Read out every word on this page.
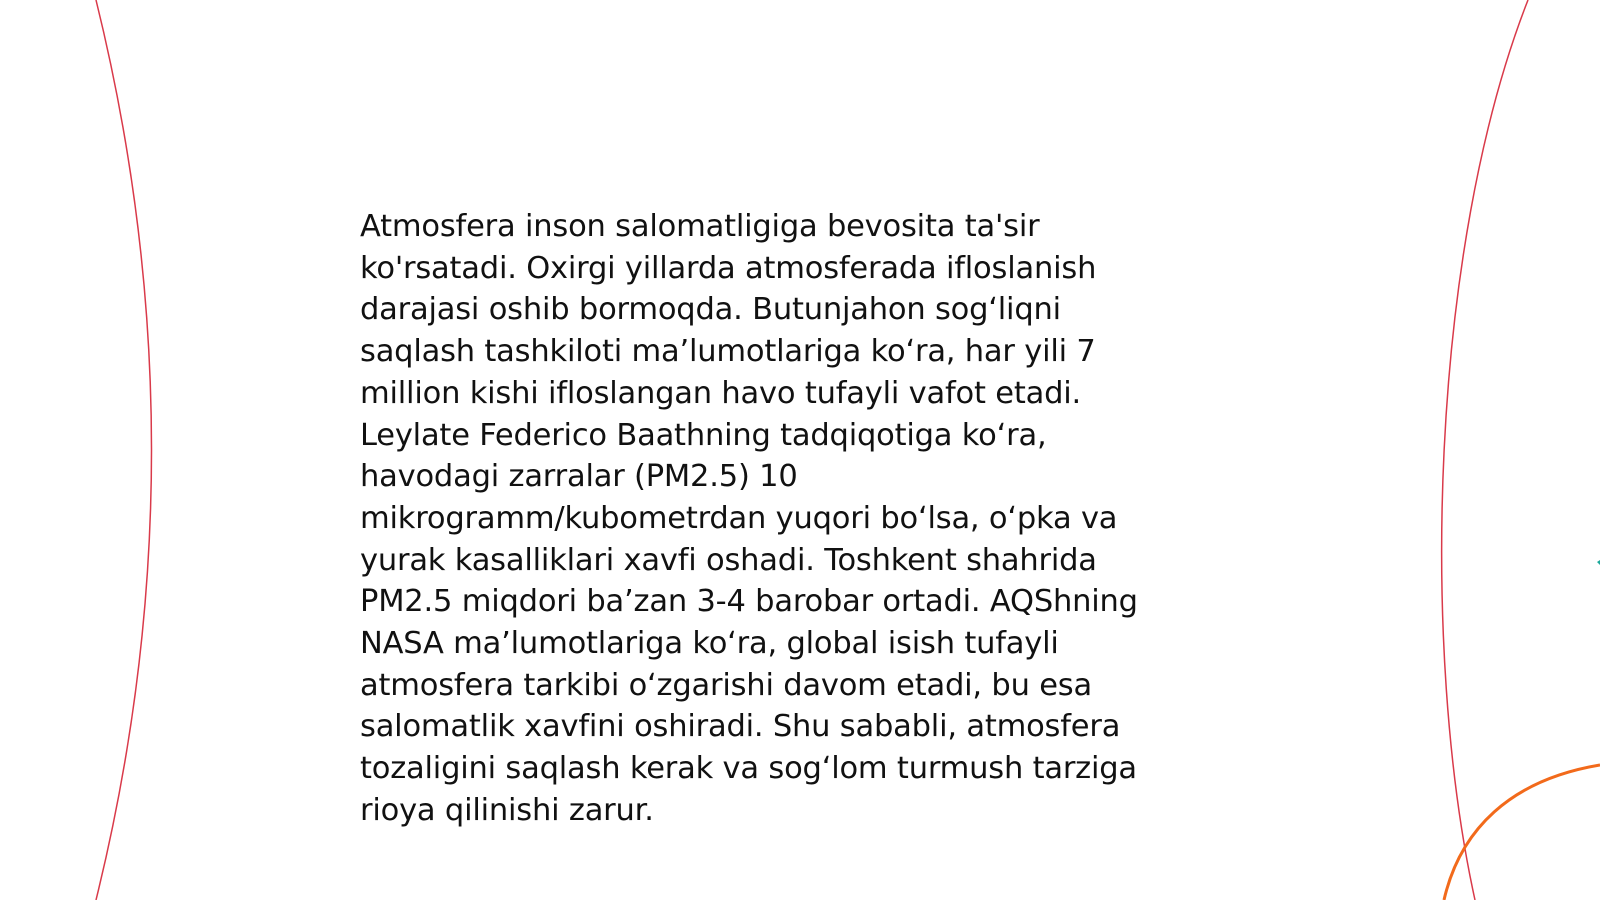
Atmosfera inson salomatligiga bevosita ta'sir
ko'rsatadi. Oxirgi yillarda atmosferada ifloslanish
darajasi oshib bormoqda. Butunjahon sog‘liqni
saqlash tashkiloti ma’lumotlariga ko‘ra, har yili 7
million kishi ifloslangan havo tufayli vafot etadi.
Leylate Federico Baathning tadqiqotiga ko‘ra,
havodagi zarralar (PM2.5) 10
mikrogramm/kubometrdan yuqori bo‘lsa, o‘pka va
yurak kasalliklari xavfi oshadi. Toshkent shahrida
PM2.5 miqdori ba’zan 3-4 barobar ortadi. AQShning
NASA ma’lumotlariga ko‘ra, global isish tufayli
atmosfera tarkibi o‘zgarishi davom etadi, bu esa
salomatlik xavfini oshiradi. Shu sababli, atmosfera
tozaligini saqlash kerak va sog‘lom turmush tarziga
rioya qilinishi zarur.
